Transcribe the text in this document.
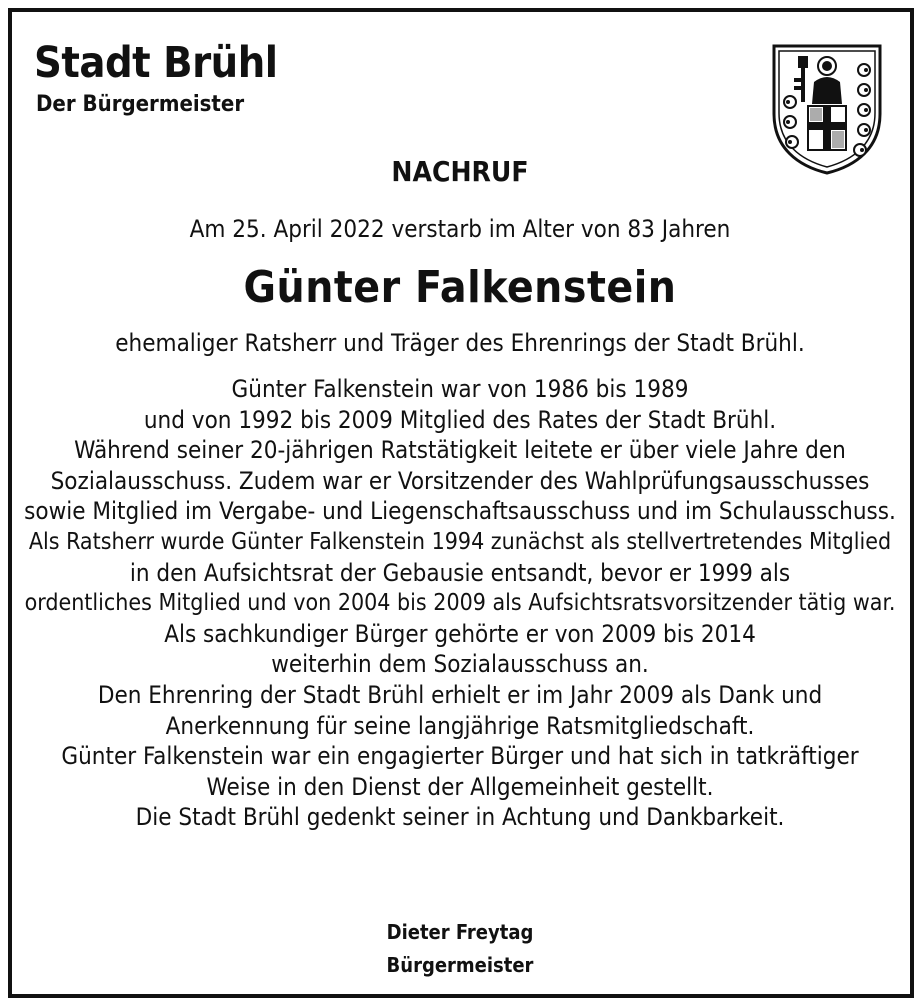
Stadt Brühl
Der Bürgermeister
NACHRUF
Am 25. April 2022 verstarb im Alter von 83 Jahren
Günter Falkenstein
ehemaliger Ratsherr und Träger des Ehrenrings der Stadt Brühl.
Günter Falkenstein war von 1986 bis 1989
und von 1992 bis 2009 Mitglied des Rates der Stadt Brühl.
Während seiner 20-jährigen Ratstätigkeit leitete er über viele Jahre den
Sozialausschuss. Zudem war er Vorsitzender des Wahlprüfungsausschusses
sowie Mitglied im Vergabe- und Liegenschaftsausschuss und im Schulausschuss.
Als Ratsherr wurde Günter Falkenstein 1994 zunächst als stellvertretendes Mitglied
in den Aufsichtsrat der Gebausie entsandt, bevor er 1999 als
ordentliches Mitglied und von 2004 bis 2009 als Aufsichtsratsvorsitzender tätig war.
Als sachkundiger Bürger gehörte er von 2009 bis 2014
weiterhin dem Sozialausschuss an.
Den Ehrenring der Stadt Brühl erhielt er im Jahr 2009 als Dank und
Anerkennung für seine langjährige Ratsmitgliedschaft.
Günter Falkenstein war ein engagierter Bürger und hat sich in tatkräftiger
Weise in den Dienst der Allgemeinheit gestellt.
Die Stadt Brühl gedenkt seiner in Achtung und Dankbarkeit.
Dieter Freytag
Bürgermeister
